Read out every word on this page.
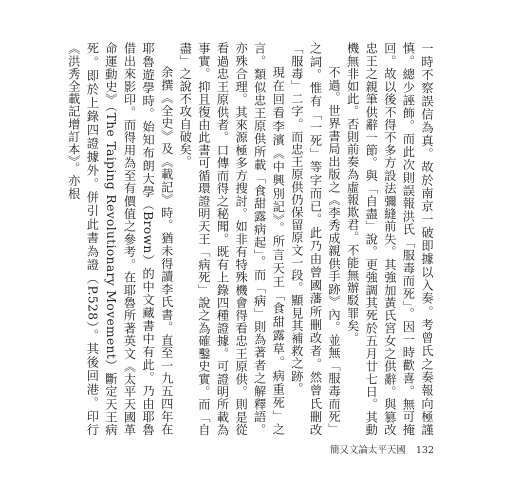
一時不察誤信為真。故於南京一破即據以入奏。考曾氏之奏報向極謹慎。總少誣飾。而此次則誤報洪氏「服毒而死」。因一時歡喜。無可掩回。故以後不得不多方設法彌縫前失。其強加黃氏宮女之供辭。與篡改忠王之親筆供辭一節。與「自盡」說。更強調其死於五月廿七日。其動機無非如此。否則前奏為虛報欺君。不能無辦駁罪矣。

不過。世界書局出版之《李秀成親供手跡》內。並無「服毒而死」之詞。惟有「一死」等字而已。此乃由曾國藩所刪改者。然曾氏刪改「服毒」二字。而忠王原供仍保留原文一段。顯見其補救之跡。

現在回看李濱《中興別記》。所言天王「食甜露草。病重死」之言。類似忠王原供所載「食甜露病起」。而「病」則為著者之解釋語。亦殊合理。其來源極多方搜討。如非有特殊機會得看忠王原供。則是從看過忠王原供者。口傳而得之秘聞。既有上錄四種證據。可證明所載為事實。抑且復由此書可循環證明天王「病死」說之為確鑿史實。而「自盡」之說不攻自破矣。

余撰《全史》及《載記》時。猶未得讀李氏書。直至一九五四年在耶魯遊學時。始知布朗大學（Brown）的中文藏書中有此。乃由耶魯借出來影印。而得用為至有價值之參考。在耶魯所著英文《太平天國革命運動史》（The Taiping Revolutionary Movement）斷定天王病死。即於上錄四證據外。併引此書為證（P.528）。其後回港。印行《洪秀全載記增訂本》。亦根

簡又文論太平天國 132
